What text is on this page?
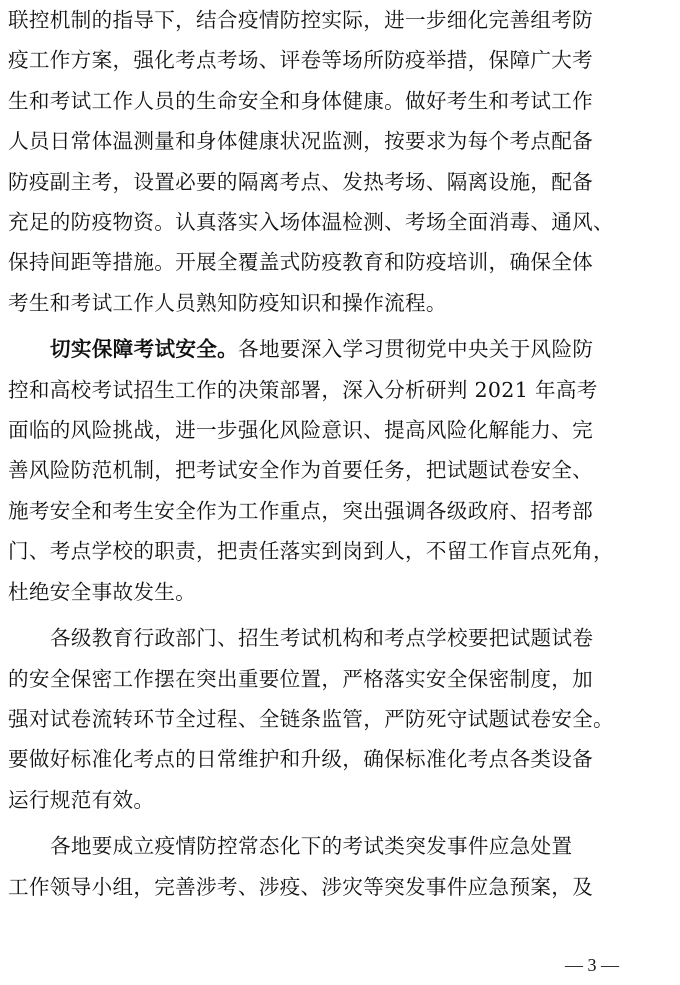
联控机制的指导下，结合疫情防控实际，进一步细化完善组考防
疫工作方案，强化考点考场、评卷等场所防疫举措，保障广大考
生和考试工作人员的生命安全和身体健康。做好考生和考试工作
人员日常体温测量和身体健康状况监测，按要求为每个考点配备
防疫副主考，设置必要的隔离考点、发热考场、隔离设施，配备
充足的防疫物资。认真落实入场体温检测、考场全面消毒、通风、
保持间距等措施。开展全覆盖式防疫教育和防疫培训，确保全体
考生和考试工作人员熟知防疫知识和操作流程。
切实保障考试安全。各地要深入学习贯彻党中央关于风险防
控和高校考试招生工作的决策部署，深入分析研判 2021 年高考
面临的风险挑战，进一步强化风险意识、提高风险化解能力、完
善风险防范机制，把考试安全作为首要任务，把试题试卷安全、
施考安全和考生安全作为工作重点，突出强调各级政府、招考部
门、考点学校的职责，把责任落实到岗到人，不留工作盲点死角，
杜绝安全事故发生。
各级教育行政部门、招生考试机构和考点学校要把试题试卷
的安全保密工作摆在突出重要位置，严格落实安全保密制度，加
强对试卷流转环节全过程、全链条监管，严防死守试题试卷安全。
要做好标准化考点的日常维护和升级，确保标准化考点各类设备
运行规范有效。
各地要成立疫情防控常态化下的考试类突发事件应急处置
工作领导小组，完善涉考、涉疫、涉灾等突发事件应急预案，及
— 3 —
